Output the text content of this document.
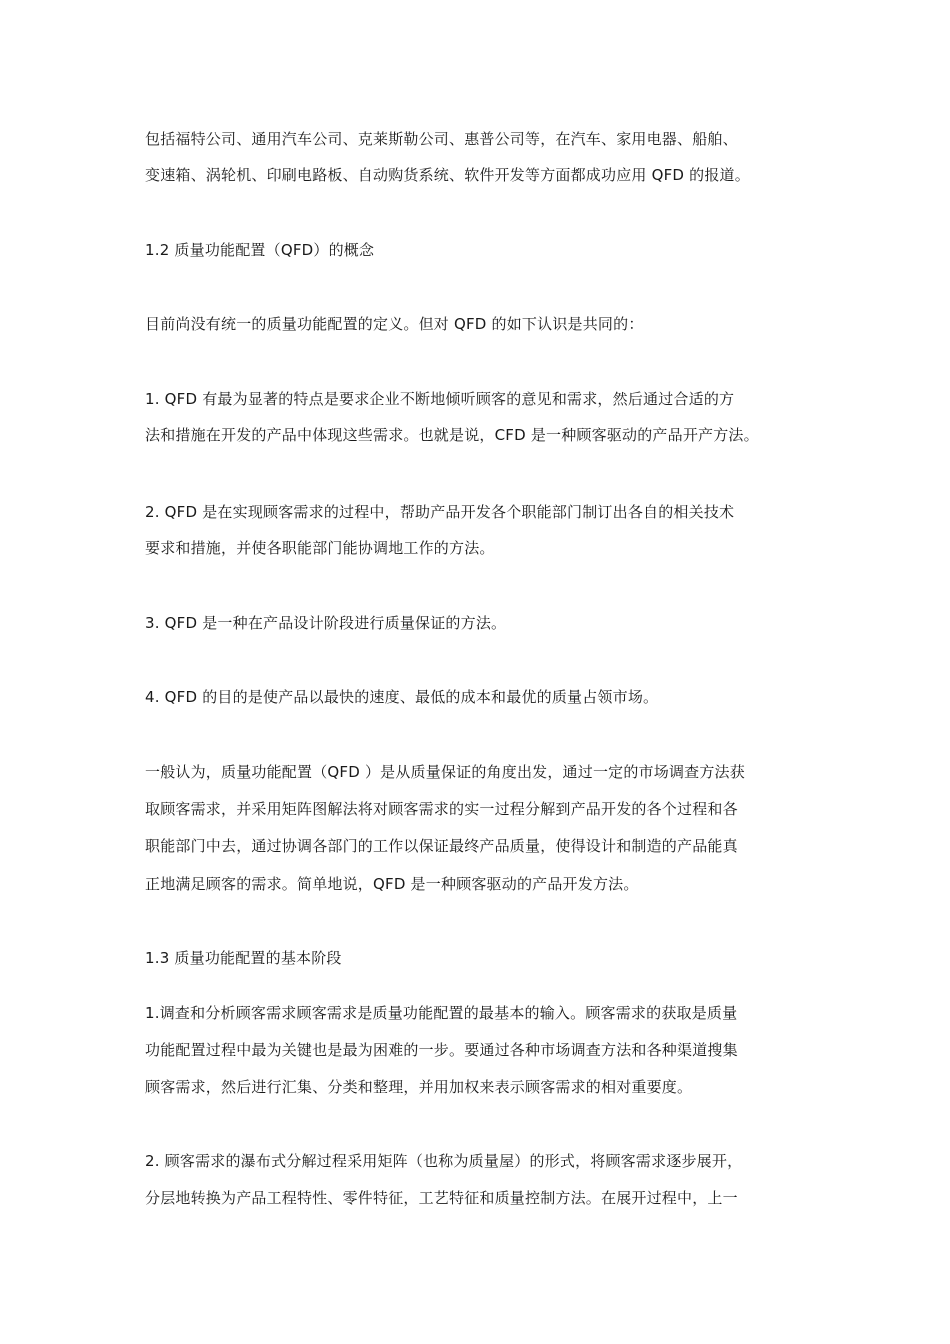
包括福特公司、通用汽车公司、克莱斯勒公司、惠普公司等，在汽车、家用电器、船舶、
变速箱、涡轮机、印刷电路板、自动购货系统、软件开发等方面都成功应用 QFD 的报道。
1.2 质量功能配置（QFD）的概念
目前尚没有统一的质量功能配置的定义。但对 QFD 的如下认识是共同的：
1. QFD 有最为显著的特点是要求企业不断地倾听顾客的意见和需求，然后通过合适的方
法和措施在开发的产品中体现这些需求。也就是说，CFD 是一种顾客驱动的产品开产方法。
2. QFD 是在实现顾客需求的过程中，帮助产品开发各个职能部门制订出各自的相关技术
要求和措施，并使各职能部门能协调地工作的方法。
3. QFD 是一种在产品设计阶段进行质量保证的方法。
4. QFD 的目的是使产品以最快的速度、最低的成本和最优的质量占领市场。
一般认为，质量功能配置（QFD ）是从质量保证的角度出发，通过一定的市场调查方法获
取顾客需求，并采用矩阵图解法将对顾客需求的实一过程分解到产品开发的各个过程和各
职能部门中去，通过协调各部门的工作以保证最终产品质量，使得设计和制造的产品能真
正地满足顾客的需求。简单地说，QFD 是一种顾客驱动的产品开发方法。
1.3 质量功能配置的基本阶段
1.调查和分析顾客需求顾客需求是质量功能配置的最基本的输入。顾客需求的获取是质量
功能配置过程中最为关键也是最为困难的一步。要通过各种市场调查方法和各种渠道搜集
顾客需求，然后进行汇集、分类和整理，并用加权来表示顾客需求的相对重要度。
2. 顾客需求的瀑布式分解过程采用矩阵（也称为质量屋）的形式，将顾客需求逐步展开，
分层地转换为产品工程特性、零件特征，工艺特征和质量控制方法。在展开过程中，上一
